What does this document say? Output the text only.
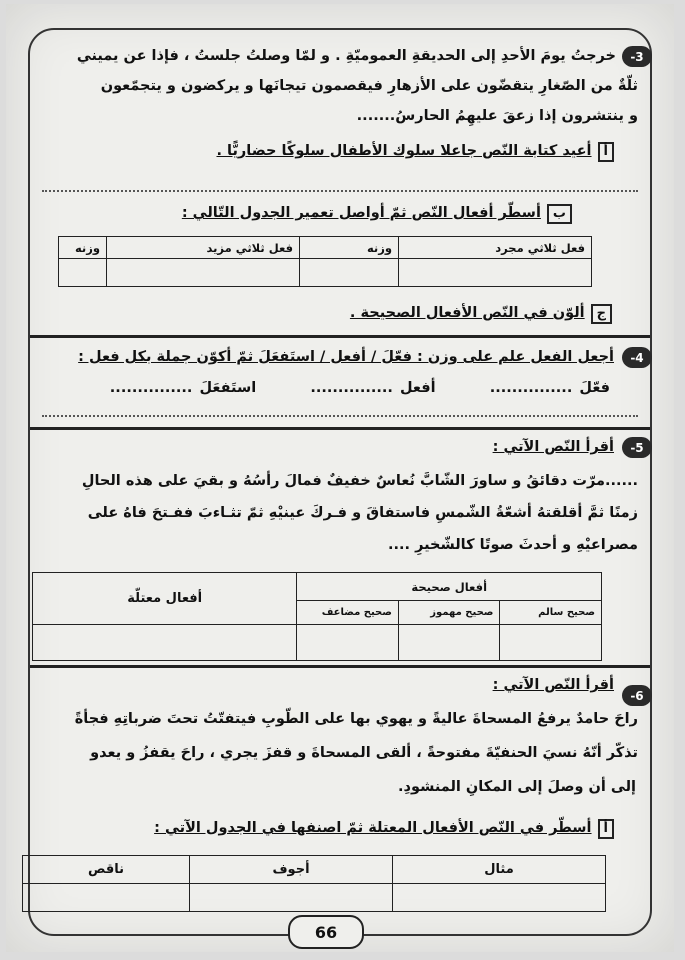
-3
خرجتُ يومَ الأحدِ إلى الحديقةِ العموميّةِ . و لمّا وصلتُ جلستُ ، فإذا عن يميني
ثلّةٌ من الصّغارِ يتقضّون على الأزهارِ فيقصمون تيجانَها و يركضون و يتجمّعون
و ينتشرون إذا زعقَ عليهِمُ الحارسُ.......
أأعيد كتابة النّص جاعلا سلوك الأطفال سلوكًا حضاريًّا .
بأسطّر أفعال النّص ثمّ أواصل تعمير الجدول التّالي :
فعل ثلاثي مجرد	وزنه	فعل ثلاثي مزيد	وزنه

جألوّن في النّص الأفعال الصحيحة .
-4
أجعل الفعل علم على وزن : فعّلَ / أفعل / استَفعَلَ ثمّ أكوّن جملة بكل فعل :
فعّلَ ...............  أفعل ...............  استَفعَلَ ...............
-5
أقرأ النّص الآتي :
......مرّت دقائقُ و ساورَ الشّابَّ نُعاسٌ خفيفٌ فمالَ رأسُهُ و بقيَ على هذه الحالِ
زمنًا ثمَّ أقلقتهُ أشعّةُ الشّمسِ فاستفاقَ و فـركَ عينيْهِ ثمّ تثـاءبَ ففـتحَ فاهُ على
مصراعيْهِ و أحدثَ صوتًا كالشّخيرِ ....
أفعال صحيحة			أفعال معتلّة
صحيح سالم	صحيح مهموز	صحيح مضاعف	

-6
أقرأ النّص الآتي :
راحَ حامدٌ يرفعُ المسحاةَ عاليةً و يهوي بها على الطّوبِ فيتفتّتُ تحتَ ضرباتِهِ فجأةً
تذكّر أنّهُ نسيَ الحنفيّةَ مفتوحةً ، ألقى المسحاةَ و قفزَ يجري ، راحَ يقفزُ و يعدو
إلى أن وصلَ إلى المكانِ المنشودِ.
أأسطّر في النّص الأفعال المعتلة ثمّ اصنفها في الجدول الآتي :
مثال	أجوف	ناقص

66
